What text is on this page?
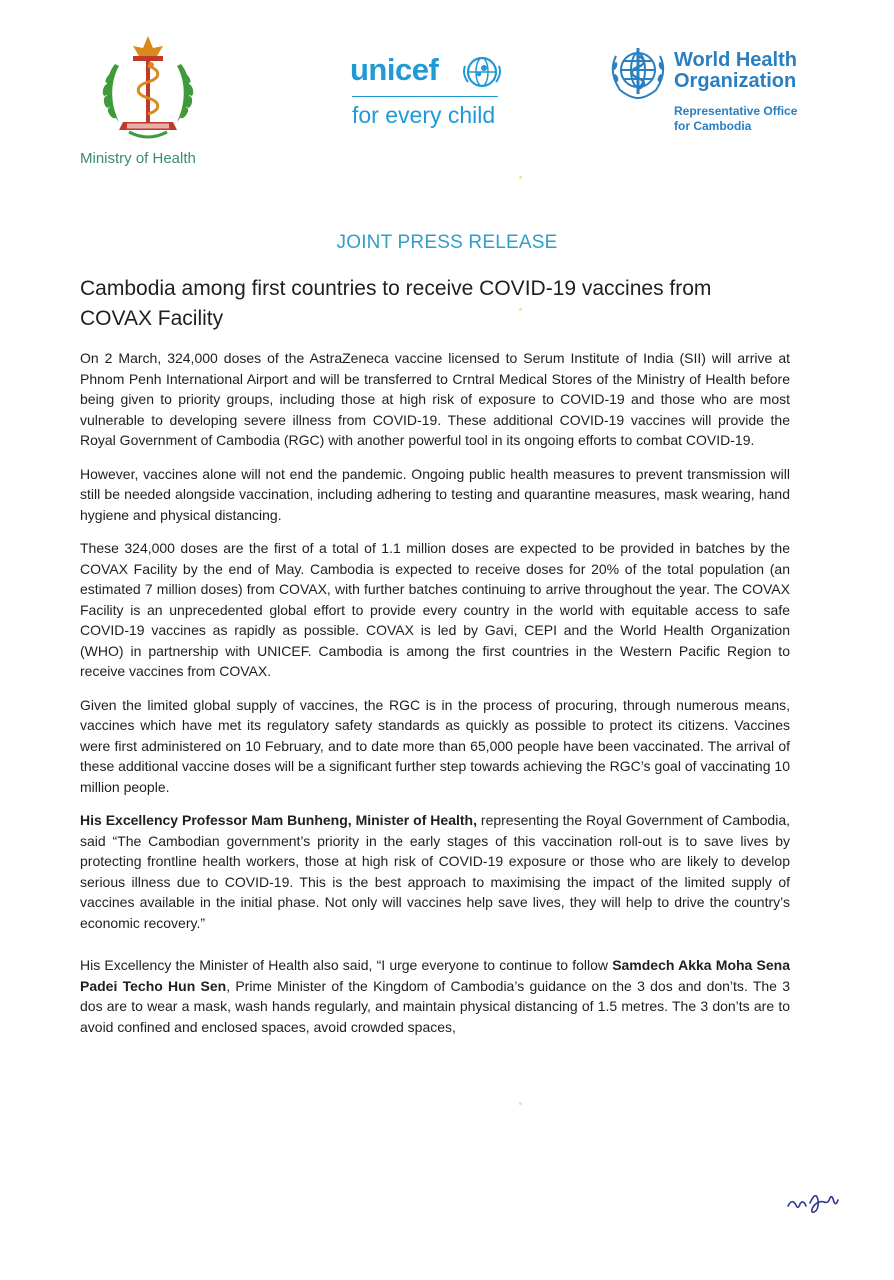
Ministry of Health
unicef
for every child
World Health
Organization
Representative Office
for Cambodia
JOINT PRESS RELEASE
Cambodia among first countries to receive COVID-19 vaccines from COVAX Facility

On 2 March, 324,000 doses of the AstraZeneca vaccine licensed to Serum Institute of India (SII) will arrive at Phnom Penh International Airport and will be transferred to Crntral Medical Stores of the Ministry of Health before being given to priority groups, including those at high risk of exposure to COVID-19 and those who are most vulnerable to developing severe illness from COVID-19. These additional COVID-19 vaccines will provide the Royal Government of Cambodia (RGC) with another powerful tool in its ongoing efforts to combat COVID-19.

However, vaccines alone will not end the pandemic. Ongoing public health measures to prevent transmission will still be needed alongside vaccination, including adhering to testing and quarantine measures, mask wearing, hand hygiene and physical distancing.

These 324,000 doses are the first of a total of 1.1 million doses are expected to be provided in batches by the COVAX Facility by the end of May. Cambodia is expected to receive doses for 20% of the total population (an estimated 7 million doses) from COVAX, with further batches continuing to arrive throughout the year. The COVAX Facility is an unprecedented global effort to provide every country in the world with equitable access to safe COVID-19 vaccines as rapidly as possible. COVAX is led by Gavi, CEPI and the World Health Organization (WHO) in partnership with UNICEF. Cambodia is among the first countries in the Western Pacific Region to receive vaccines from COVAX.

Given the limited global supply of vaccines, the RGC is in the process of procuring, through numerous means, vaccines which have met its regulatory safety standards as quickly as possible to protect its citizens. Vaccines were first administered on 10 February, and to date more than 65,000 people have been vaccinated. The arrival of these additional vaccine doses will be a significant further step towards achieving the RGC’s goal of vaccinating 10 million people.

His Excellency Professor Mam Bunheng, Minister of Health, representing the Royal Government of Cambodia, said “The Cambodian government’s priority in the early stages of this vaccination roll-out is to save lives by protecting frontline health workers, those at high risk of COVID-19 exposure or those who are likely to develop serious illness due to COVID-19. This is the best approach to maximising the impact of the limited supply of vaccines available in the initial phase. Not only will vaccines help save lives, they will help to drive the country’s economic recovery.”

His Excellency the Minister of Health also said, “I urge everyone to continue to follow Samdech Akka Moha Sena Padei Techo Hun Sen, Prime Minister of the Kingdom of Cambodia’s guidance on the 3 dos and don’ts. The 3 dos are to wear a mask, wash hands regularly, and maintain physical distancing of 1.5 metres. The 3 don’ts are to avoid confined and enclosed spaces, avoid crowded spaces,
